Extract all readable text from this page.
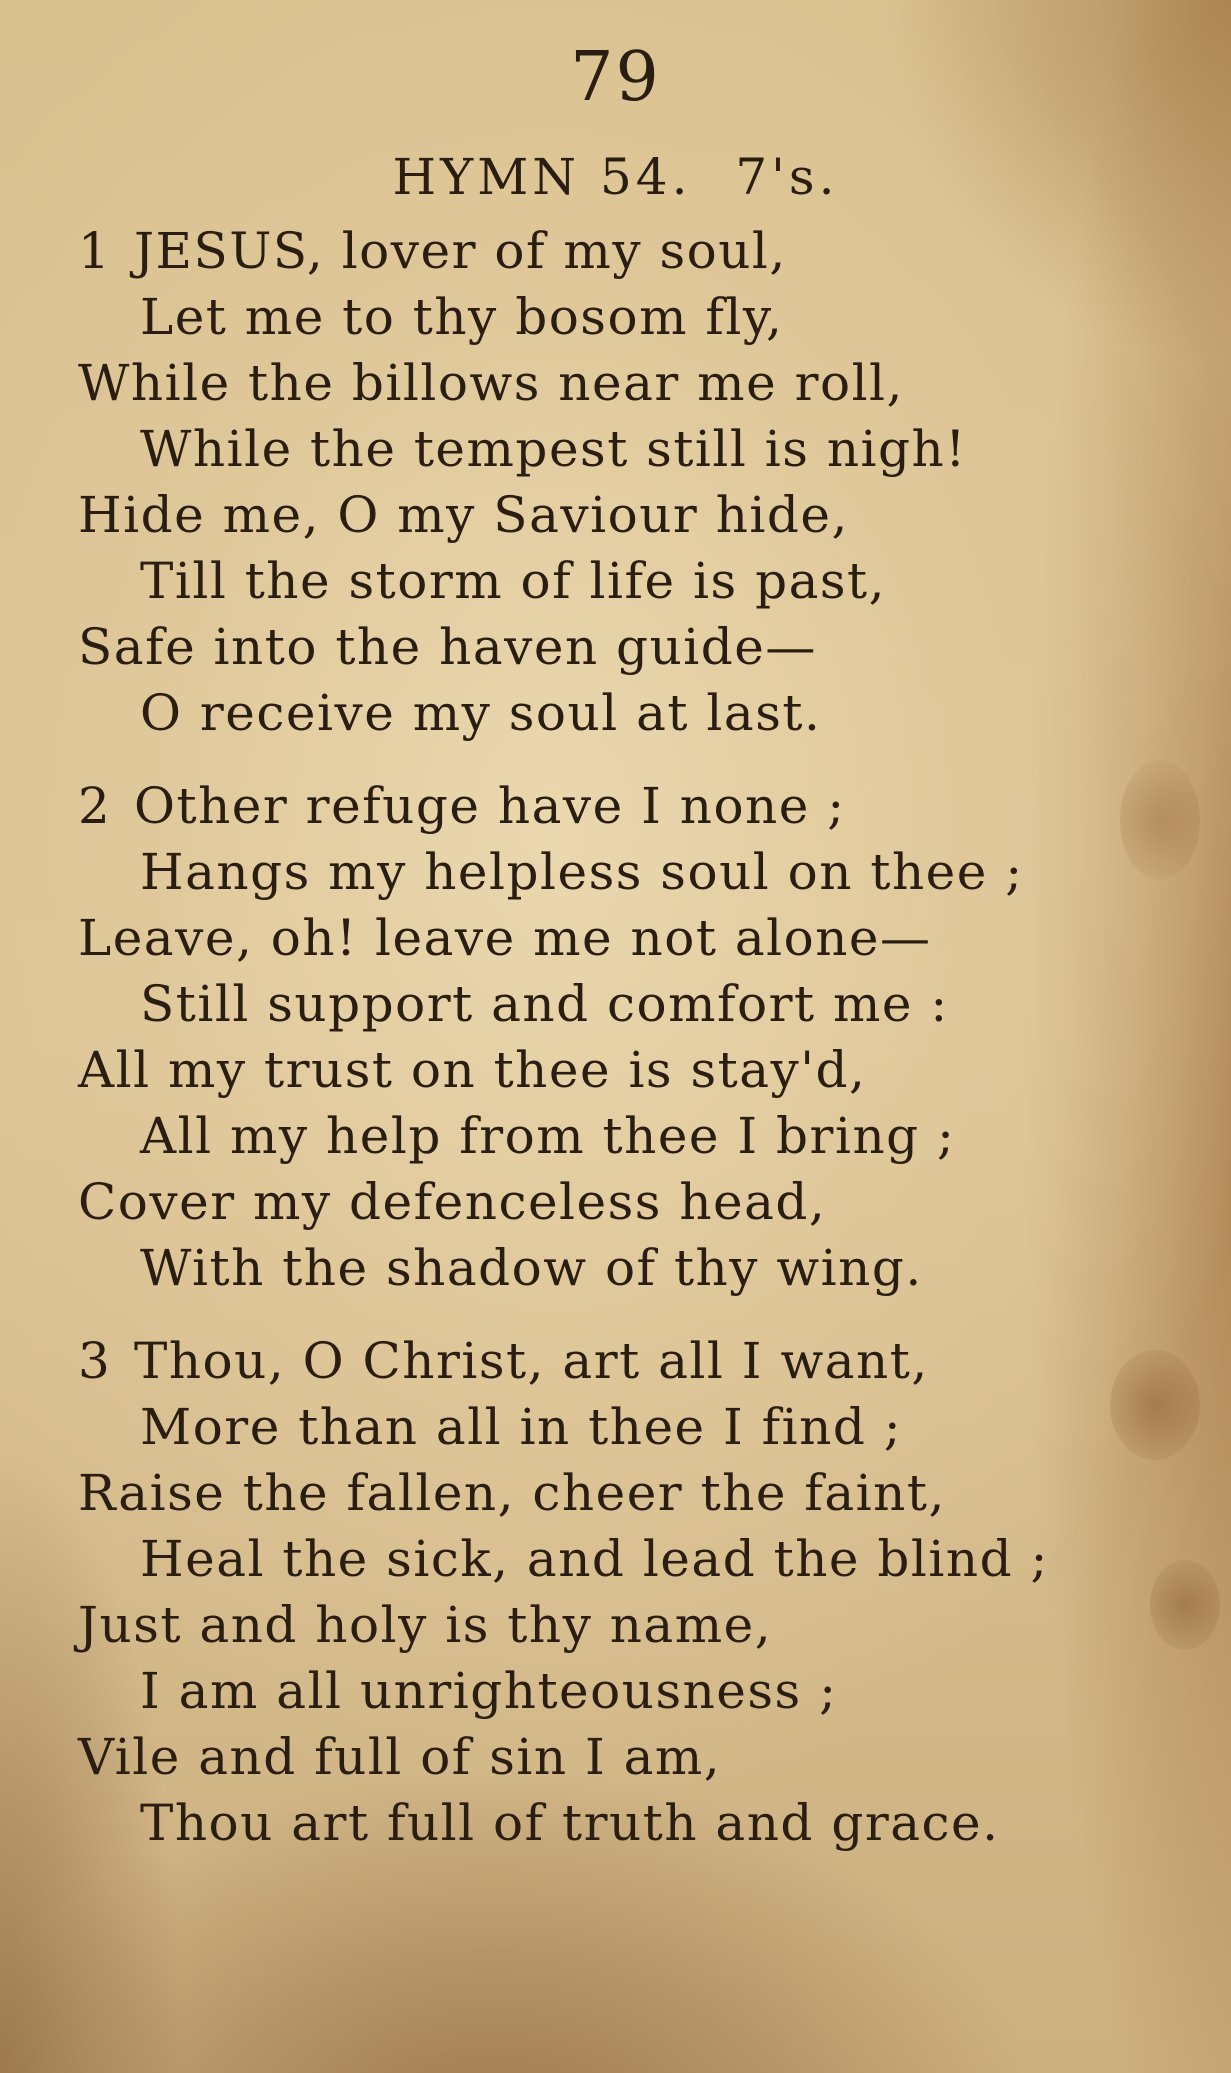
79
HYMN 54. 7's.
1 JESUS, lover of my soul,
Let me to thy bosom fly,
While the billows near me roll,
While the tempest still is nigh!
Hide me, O my Saviour hide,
Till the storm of life is past,
Safe into the haven guide—
O receive my soul at last.
2 Other refuge have I none ;
Hangs my helpless soul on thee ;
Leave, oh! leave me not alone—
Still support and comfort me :
All my trust on thee is stay'd,
All my help from thee I bring ;
Cover my defenceless head,
With the shadow of thy wing.
3 Thou, O Christ, art all I want,
More than all in thee I find ;
Raise the fallen, cheer the faint,
Heal the sick, and lead the blind ;
Just and holy is thy name,
I am all unrighteousness ;
Vile and full of sin I am,
Thou art full of truth and grace.
